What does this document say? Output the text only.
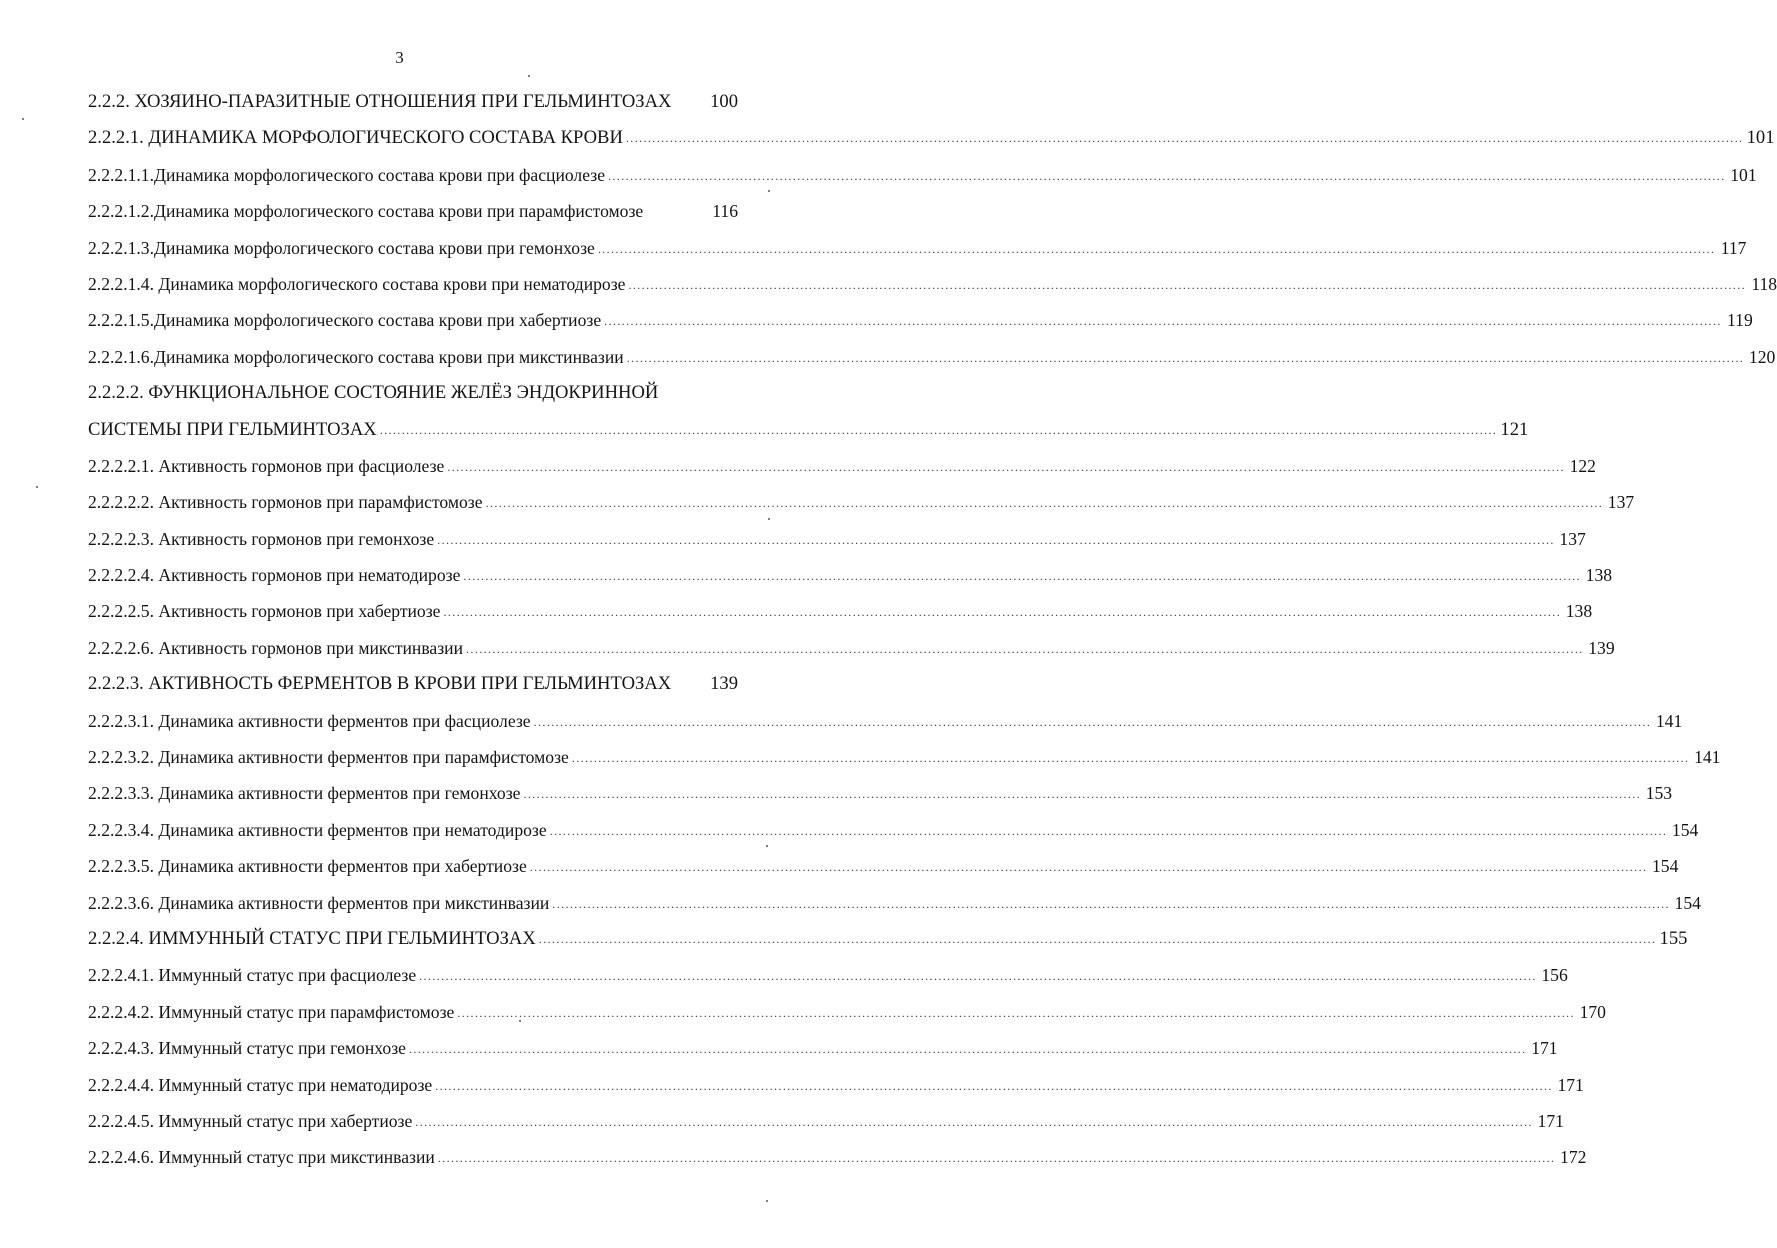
3
2.2.2. ХОЗЯИНО-ПАРАЗИТНЫЕ ОТНОШЕНИЯ ПРИ ГЕЛЬМИНТОЗАХ 100
2.2.2.1. ДИНАМИКА МОРФОЛОГИЧЕСКОГО СОСТАВА КРОВИ .....	101
2.2.2.1.1.Динамика морфологического состава крови при фасциолезе .....	101
2.2.2.1.2.Динамика морфологического состава крови при парамфистомозе	116
2.2.2.1.3.Динамика морфологического состава крови при гемонхозе .....	117
2.2.2.1.4. Динамика морфологического состава крови при нематодирозе .....	118
2.2.2.1.5.Динамика морфологического состава крови при хабертиозе .....	119
2.2.2.1.6.Динамика морфологического состава крови при микстинвазии .....	120
2.2.2.2. ФУНКЦИОНАЛЬНОЕ СОСТОЯНИЕ ЖЕЛЁЗ ЭНДОКРИННОЙ
СИСТЕМЫ ПРИ ГЕЛЬМИНТОЗАХ .....	121
2.2.2.2.1. Активность гормонов при фасциолезе .....	122
2.2.2.2.2. Активность гормонов при парамфистомозе .....	137
2.2.2.2.3. Активность гормонов при гемонхозе .....	137
2.2.2.2.4. Активность гормонов при нематодирозе .....	138
2.2.2.2.5. Активность гормонов при хабертиозе .....	138
2.2.2.2.6. Активность гормонов при микстинвазии .....	139
2.2.2.3. АКТИВНОСТЬ ФЕРМЕНТОВ В КРОВИ ПРИ ГЕЛЬМИНТОЗАХ 139
2.2.2.3.1. Динамика активности ферментов при фасциолезе .....	141
2.2.2.3.2. Динамика активности ферментов при парамфистомозе .....	141
2.2.2.3.3. Динамика активности ферментов при гемонхозе .....	153
2.2.2.3.4. Динамика активности ферментов при нематодирозе .....	154
2.2.2.3.5. Динамика активности ферментов при хабертиозе .....	154
2.2.2.3.6. Динамика активности ферментов при микстинвазии .....	154
2.2.2.4. ИММУННЫЙ СТАТУС ПРИ ГЕЛЬМИНТОЗАХ .....	155
2.2.2.4.1. Иммунный статус при фасциолезе .....	156
2.2.2.4.2. Иммунный статус при парамфистомозе .....	170
2.2.2.4.3. Иммунный статус при гемонхозе .....	171
2.2.2.4.4. Иммунный статус при нематодирозе .....	171
2.2.2.4.5. Иммунный статус при хабертиозе .....	171
2.2.2.4.6. Иммунный статус при микстинвазии .....	172
